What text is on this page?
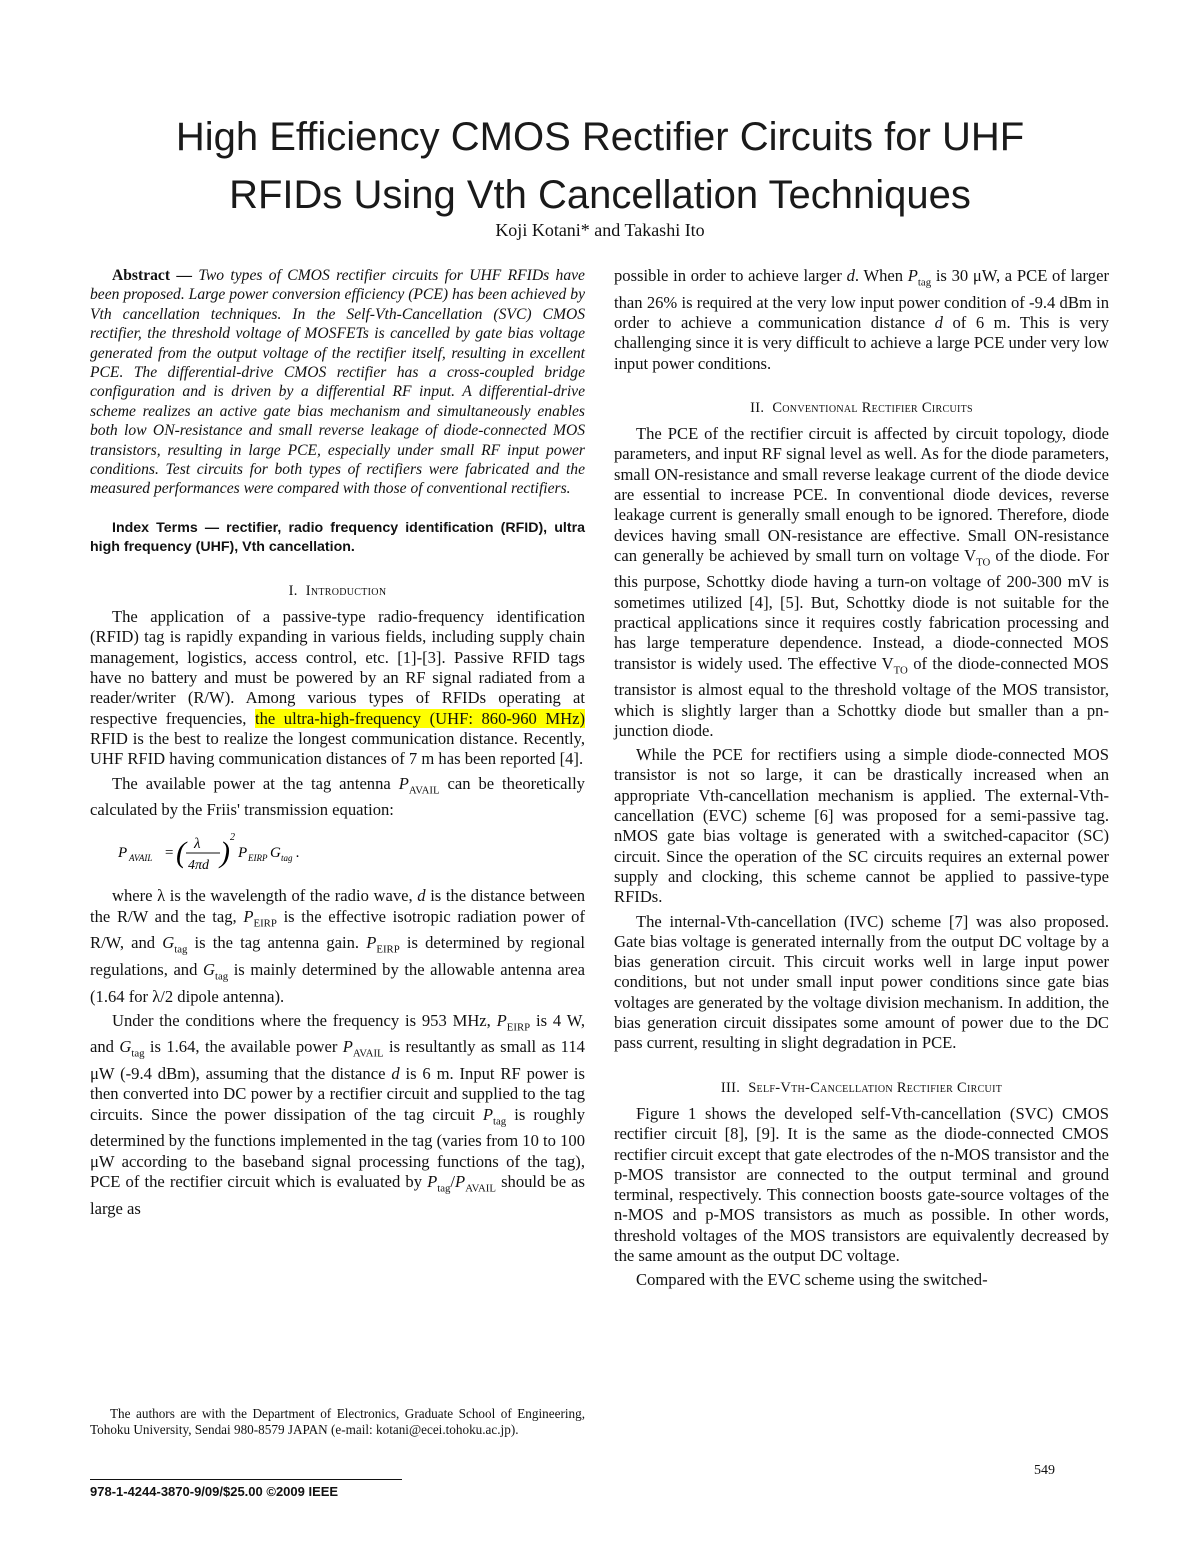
High Efficiency CMOS Rectifier Circuits for UHF
RFIDs Using Vth Cancellation Techniques
Koji Kotani* and Takashi Ito

Abstract — Two types of CMOS rectifier circuits for UHF RFIDs have been proposed. Large power conversion efficiency (PCE) has been achieved by Vth cancellation techniques. In the Self-Vth-Cancellation (SVC) CMOS rectifier, the threshold voltage of MOSFETs is cancelled by gate bias voltage generated from the output voltage of the rectifier itself, resulting in excellent PCE. The differential-drive CMOS rectifier has a cross-coupled bridge configuration and is driven by a differential RF input. A differential-drive scheme realizes an active gate bias mechanism and simultaneously enables both low ON-resistance and small reverse leakage of diode-connected MOS transistors, resulting in large PCE, especially under small RF input power conditions. Test circuits for both types of rectifiers were fabricated and the measured performances were compared with those of conventional rectifiers.

Index Terms — rectifier, radio frequency identification (RFID), ultra high frequency (UHF), Vth cancellation.

I. Introduction

The application of a passive-type radio-frequency identification (RFID) tag is rapidly expanding in various fields, including supply chain management, logistics, access control, etc. [1]-[3]. Passive RFID tags have no battery and must be powered by an RF signal radiated from a reader/writer (R/W). Among various types of RFIDs operating at respective frequencies, the ultra-high-frequency (UHF: 860-960 MHz) RFID is the best to realize the longest communication distance. Recently, UHF RFID having communication distances of 7 m has been reported [4].

The available power at the tag antenna $P_{AVAIL}$ can be theoretically calculated by the Friis' transmission equation:

P AVAIL = ( λ
4πd ) 2
P EIRP G tag .

where λ is the wavelength of the radio wave, d is the distance between the R/W and the tag, $P_{EIRP}$ is the effective isotropic radiation power of R/W, and $G_{tag}$ is the tag antenna gain. $P_{EIRP}$ is determined by regional regulations, and $G_{tag}$ is mainly determined by the allowable antenna area (1.64 for λ/2 dipole antenna).

Under the conditions where the frequency is 953 MHz, $P_{EIRP}$ is 4 W, and $G_{tag}$ is 1.64, the available power $P_{AVAIL}$ is resultantly as small as 114 μW (-9.4 dBm), assuming that the distance d is 6 m. Input RF power is then converted into DC power by a rectifier circuit and supplied to the tag circuits. Since the power dissipation of the tag circuit $P_{tag}$ is roughly determined by the functions implemented in the tag (varies from 10 to 100 μW according to the baseband signal processing functions of the tag), PCE of the rectifier circuit which is evaluated by $P_{tag}/P_{AVAIL}$ should be as large as

possible in order to achieve larger d. When $P_{tag}$ is 30 μW, a PCE of larger than 26% is required at the very low input power condition of -9.4 dBm in order to achieve a communication distance d of 6 m. This is very challenging since it is very difficult to achieve a large PCE under very low input power conditions.

II. Conventional Rectifier Circuits

The PCE of the rectifier circuit is affected by circuit topology, diode parameters, and input RF signal level as well. As for the diode parameters, small ON-resistance and small reverse leakage current of the diode device are essential to increase PCE. In conventional diode devices, reverse leakage current is generally small enough to be ignored. Therefore, diode devices having small ON-resistance are effective. Small ON-resistance can generally be achieved by small turn on voltage $V_{TO}$ of the diode. For this purpose, Schottky diode having a turn-on voltage of 200-300 mV is sometimes utilized [4], [5]. But, Schottky diode is not suitable for the practical applications since it requires costly fabrication processing and has large temperature dependence. Instead, a diode-connected MOS transistor is widely used. The effective $V_{TO}$ of the diode-connected MOS transistor is almost equal to the threshold voltage of the MOS transistor, which is slightly larger than a Schottky diode but smaller than a pn-junction diode.

While the PCE for rectifiers using a simple diode-connected MOS transistor is not so large, it can be drastically increased when an appropriate Vth-cancellation mechanism is applied. The external-Vth-cancellation (EVC) scheme [6] was proposed for a semi-passive tag. nMOS gate bias voltage is generated with a switched-capacitor (SC) circuit. Since the operation of the SC circuits requires an external power supply and clocking, this scheme cannot be applied to passive-type RFIDs.

The internal-Vth-cancellation (IVC) scheme [7] was also proposed. Gate bias voltage is generated internally from the output DC voltage by a bias generation circuit. This circuit works well in large input power conditions, but not under small input power conditions since gate bias voltages are generated by the voltage division mechanism. In addition, the bias generation circuit dissipates some amount of power due to the DC pass current, resulting in slight degradation in PCE.

III. Self-Vth-Cancellation Rectifier Circuit

Figure 1 shows the developed self-Vth-cancellation (SVC) CMOS rectifier circuit [8], [9]. It is the same as the diode-connected CMOS rectifier circuit except that gate electrodes of the n-MOS transistor and the p-MOS transistor are connected to the output terminal and ground terminal, respectively. This connection boosts gate-source voltages of the n-MOS and p-MOS transistors as much as possible. In other words, threshold voltages of the MOS transistors are equivalently decreased by the same amount as the output DC voltage.

Compared with the EVC scheme using the switched-

The authors are with the Department of Electronics, Graduate School of Engineering, Tohoku University, Sendai 980-8579 JAPAN (e-mail: kotani@ecei.tohoku.ac.jp).
978-1-4244-3870-9/09/$25.00 ©2009 IEEE
549
